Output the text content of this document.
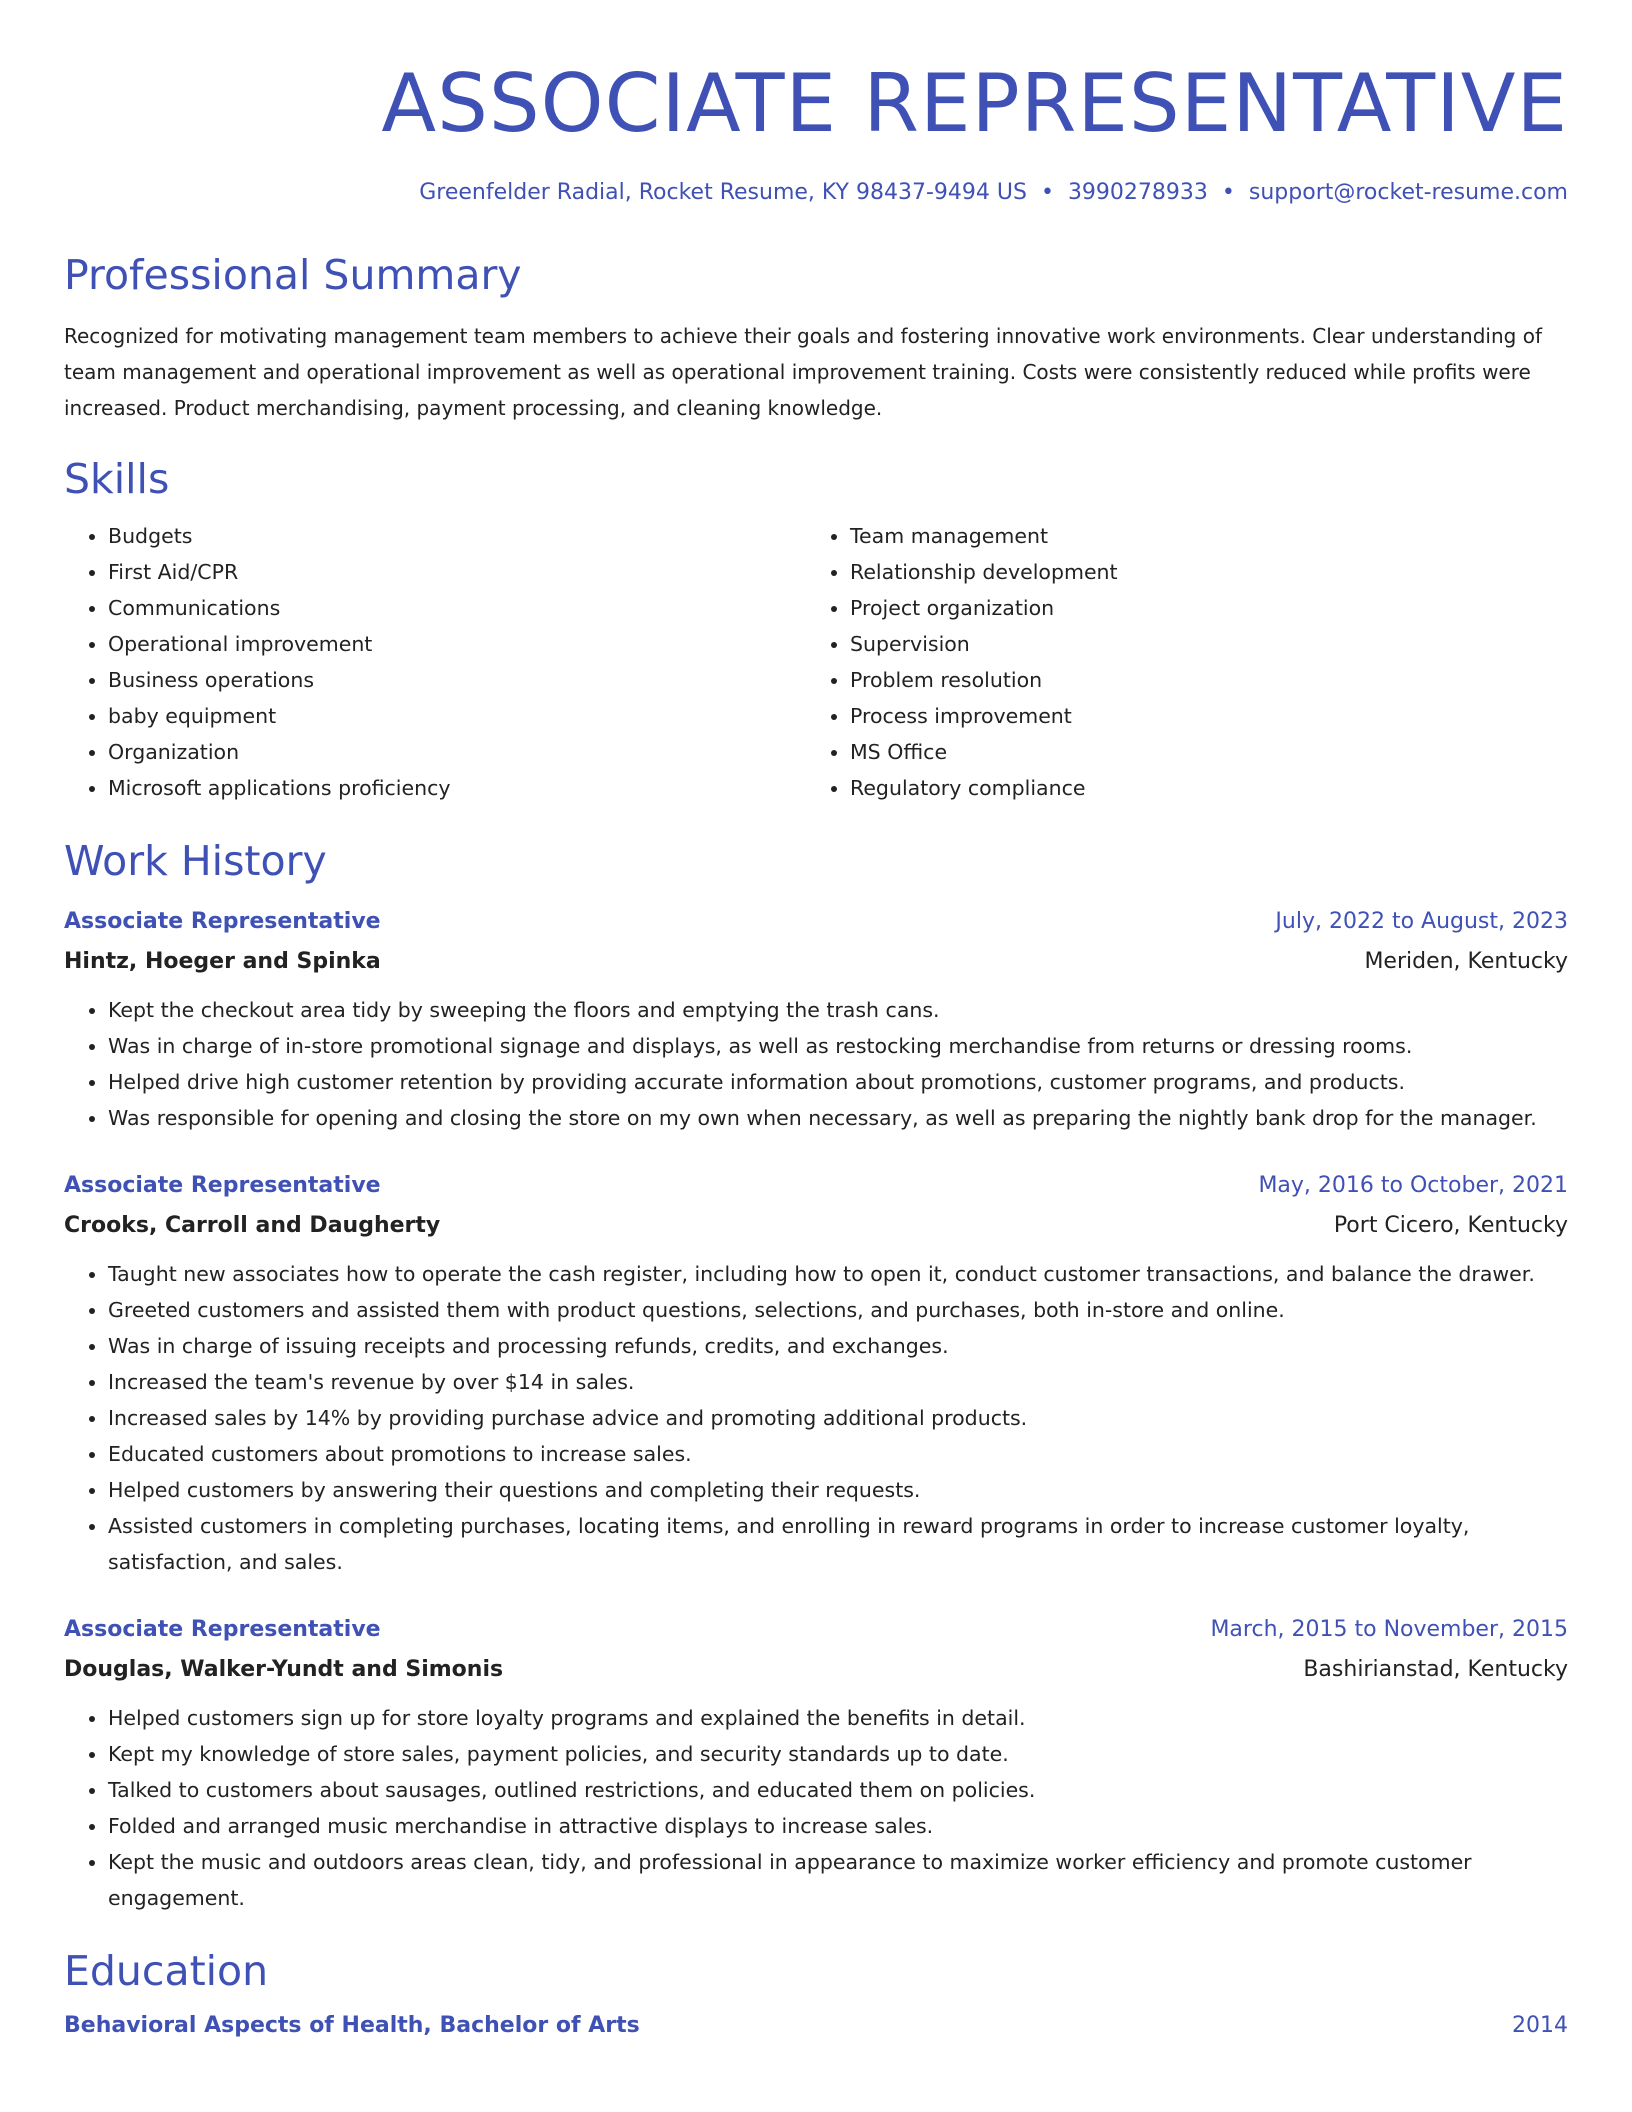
ASSOCIATE REPRESENTATIVE
Greenfelder Radial, Rocket Resume, KY 98437-9494 US • 3990278933 • support@rocket-resume.com
Professional Summary
Recognized for motivating management team members to achieve their goals and fostering innovative work environments. Clear understanding of team management and operational improvement as well as operational improvement training. Costs were consistently reduced while profits were increased. Product merchandising, payment processing, and cleaning knowledge.
Skills
• Budgets
• First Aid/CPR
• Communications
• Operational improvement
• Business operations
• baby equipment
• Organization
• Microsoft applications proficiency
• Team management
• Relationship development
• Project organization
• Supervision
• Problem resolution
• Process improvement
• MS Office
• Regulatory compliance
Work History
Associate Representative	July, 2022 to August, 2023
Hintz, Hoeger and Spinka	Meriden, Kentucky
• Kept the checkout area tidy by sweeping the floors and emptying the trash cans.
• Was in charge of in-store promotional signage and displays, as well as restocking merchandise from returns or dressing rooms.
• Helped drive high customer retention by providing accurate information about promotions, customer programs, and products.
• Was responsible for opening and closing the store on my own when necessary, as well as preparing the nightly bank drop for the manager.
Associate Representative	May, 2016 to October, 2021
Crooks, Carroll and Daugherty	Port Cicero, Kentucky
• Taught new associates how to operate the cash register, including how to open it, conduct customer transactions, and balance the drawer.
• Greeted customers and assisted them with product questions, selections, and purchases, both in-store and online.
• Was in charge of issuing receipts and processing refunds, credits, and exchanges.
• Increased the team's revenue by over $14 in sales.
• Increased sales by 14% by providing purchase advice and promoting additional products.
• Educated customers about promotions to increase sales.
• Helped customers by answering their questions and completing their requests.
• Assisted customers in completing purchases, locating items, and enrolling in reward programs in order to increase customer loyalty, satisfaction, and sales.
Associate Representative	March, 2015 to November, 2015
Douglas, Walker-Yundt and Simonis	Bashirianstad, Kentucky
• Helped customers sign up for store loyalty programs and explained the benefits in detail.
• Kept my knowledge of store sales, payment policies, and security standards up to date.
• Talked to customers about sausages, outlined restrictions, and educated them on policies.
• Folded and arranged music merchandise in attractive displays to increase sales.
• Kept the music and outdoors areas clean, tidy, and professional in appearance to maximize worker efficiency and promote customer engagement.
Education
Behavioral Aspects of Health, Bachelor of Arts	2014
